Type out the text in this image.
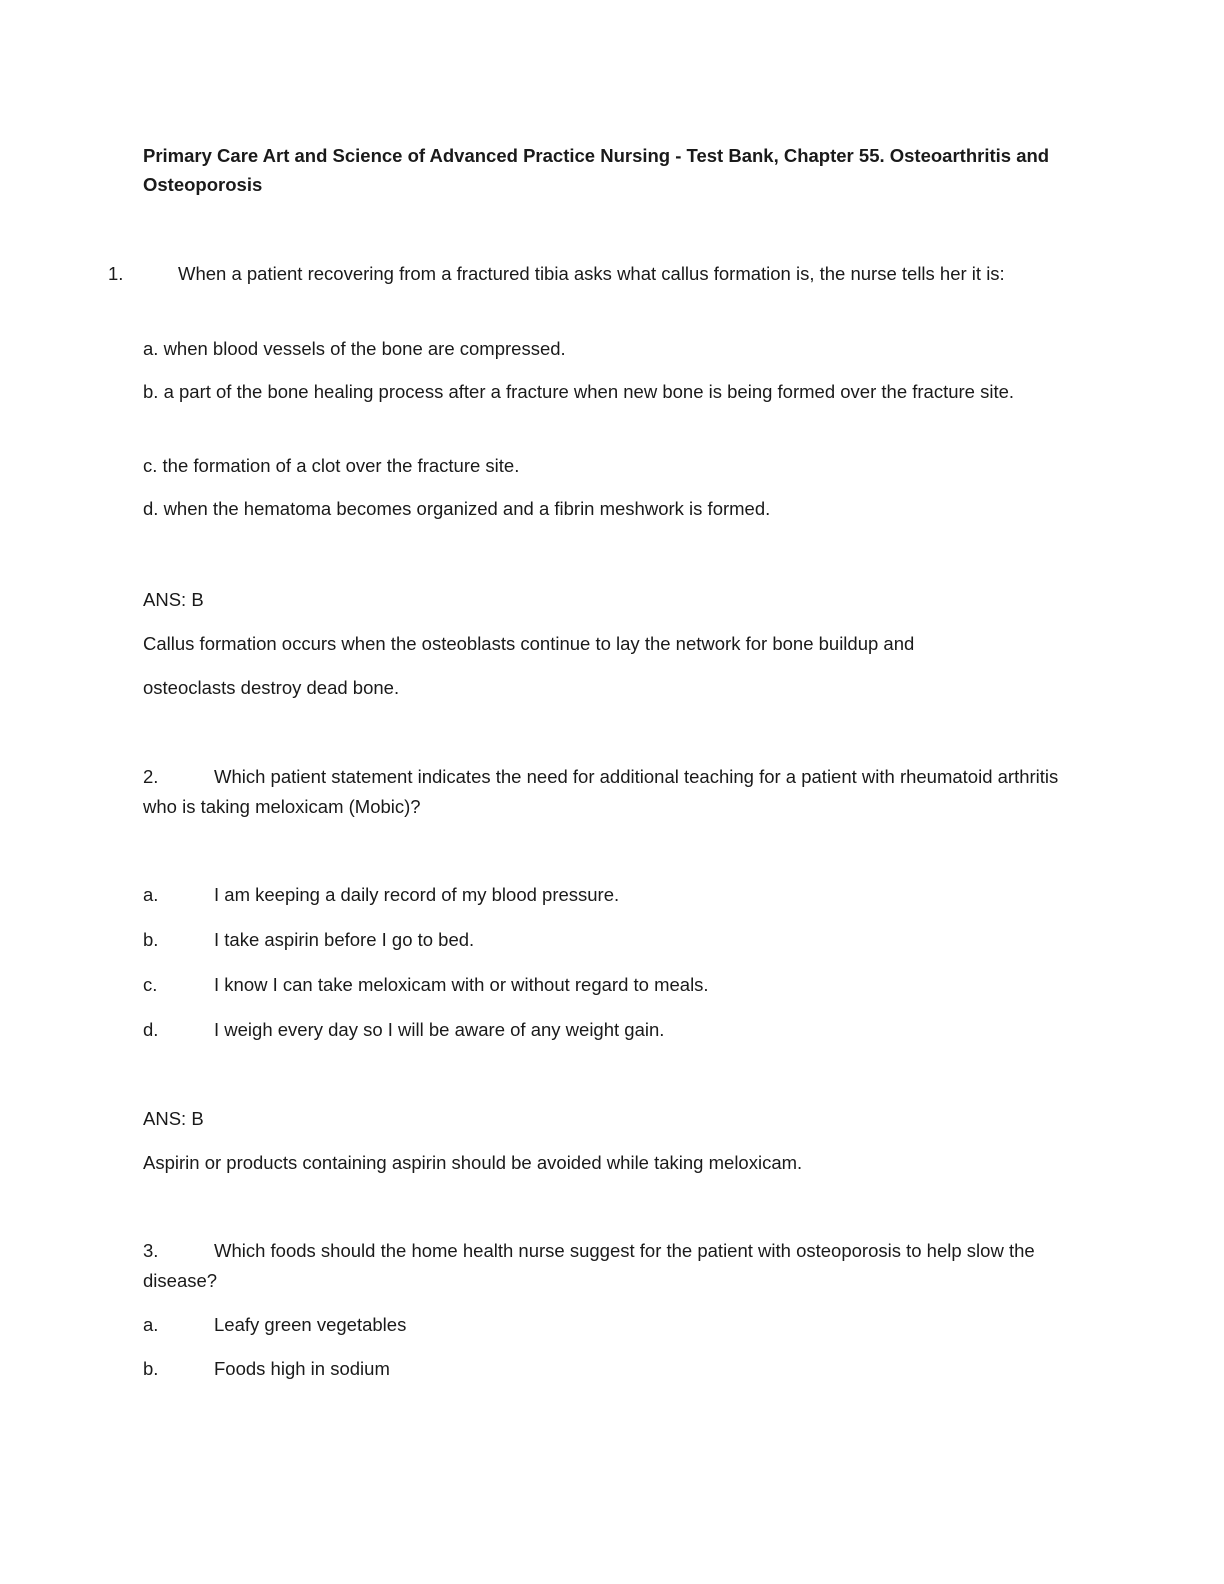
Primary Care Art and Science of Advanced Practice Nursing - Test Bank, Chapter 55. Osteoarthritis and Osteoporosis
1.	When a patient recovering from a fractured tibia asks what callus formation is, the nurse tells her it is:
a. when blood vessels of the bone are compressed.
b. a part of the bone healing process after a fracture when new bone is being formed over the fracture site.
c. the formation of a clot over the fracture site.
d. when the hematoma becomes organized and a fibrin meshwork is formed.
ANS: B
Callus formation occurs when the osteoblasts continue to lay the network for bone buildup and
osteoclasts destroy dead bone.
2.	Which patient statement indicates the need for additional teaching for a patient with rheumatoid arthritis who is taking meloxicam (Mobic)?
a.	I am keeping a daily record of my blood pressure.
b.	I take aspirin before I go to bed.
c.	I know I can take meloxicam with or without regard to meals.
d.	I weigh every day so I will be aware of any weight gain.
ANS: B
Aspirin or products containing aspirin should be avoided while taking meloxicam.
3.	Which foods should the home health nurse suggest for the patient with osteoporosis to help slow the disease?
a.	Leafy green vegetables
b.	Foods high in sodium
